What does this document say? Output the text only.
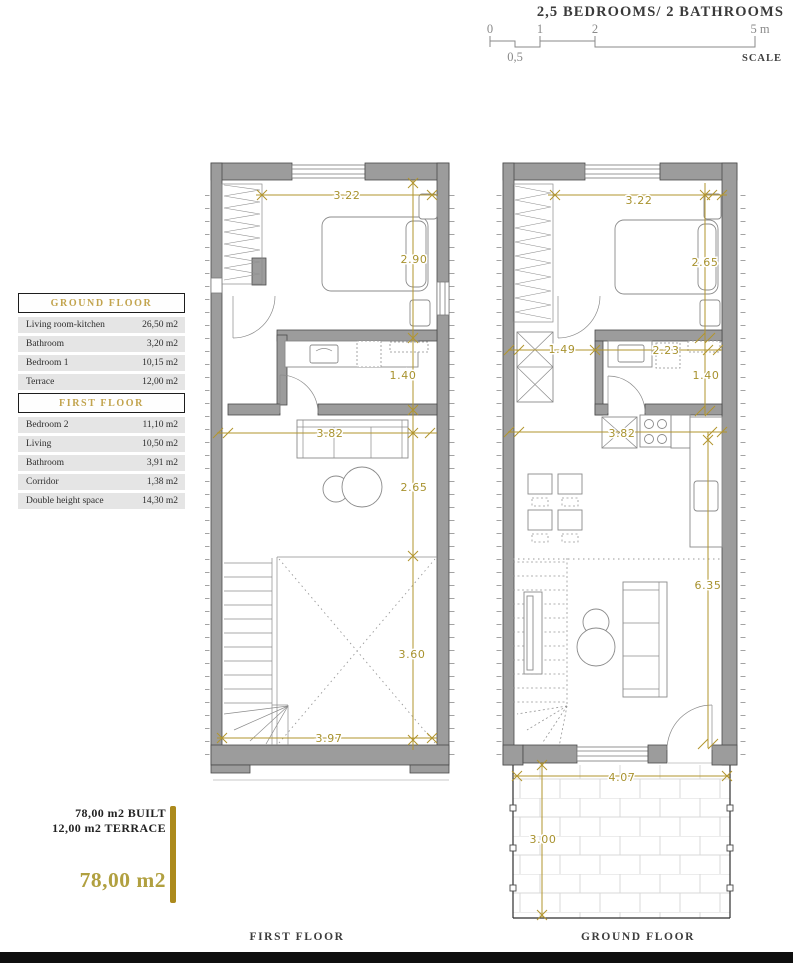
2,5 BEDROOMS/ 2 BATHROOMS
0	1	2	5 m
0,5	SCALE
GROUND FLOOR
Living room-kitchen	26,50 m2
Bathroom	3,20 m2
Bedroom 1	10,15 m2
Terrace	12,00 m2
FIRST FLOOR
Bedroom 2	11,10 m2
Living	10,50 m2
Bathroom	3,91 m2
Corridor	1,38 m2
Double height space	14,30 m2
3.22
2.90
1.40
3.82
2.65
3.60
3.97
3.22
2.65
1.49	2.23
1.40
3.82
6.35
4.07
3.00
78,00 m2 BUILT
12,00 m2 TERRACE
78,00 m2
FIRST FLOOR	GROUND FLOOR
